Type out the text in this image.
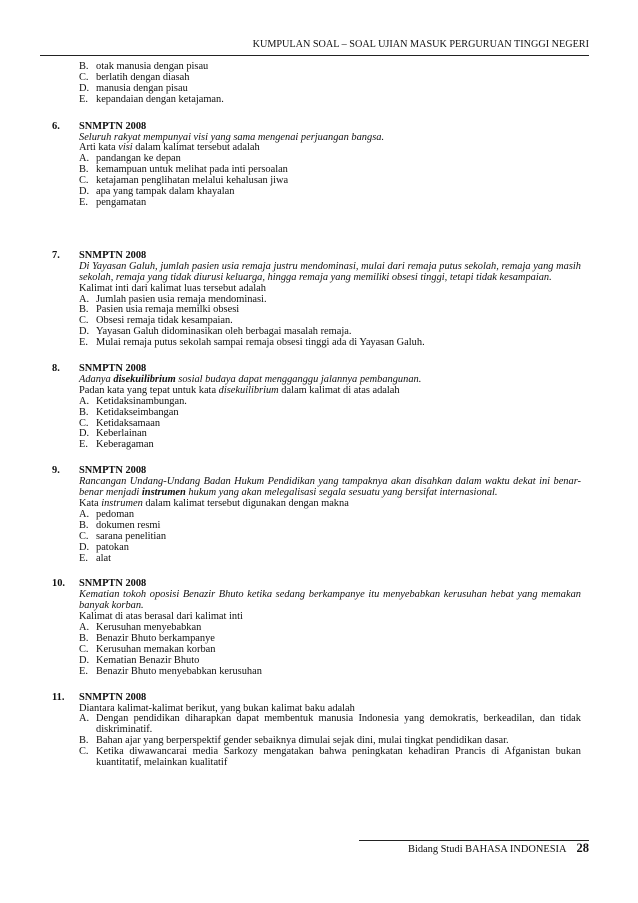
KUMPULAN SOAL – SOAL UJIAN MASUK PERGURUAN TINGGI NEGERI
B. otak manusia dengan pisau
C. berlatih dengan diasah
D. manusia dengan pisau
E. kepandaian dengan ketajaman.
6. SNMPTN 2008
Seluruh rakyat mempunyai visi yang sama mengenai perjuangan bangsa.
Arti kata visi dalam kalimat tersebut adalah
A. pandangan ke depan
B. kemampuan untuk melihat pada inti persoalan
C. ketajaman penglihatan melalui kehalusan jiwa
D. apa yang tampak dalam khayalan
E. pengamatan
7. SNMPTN 2008
Di Yayasan Galuh, jumlah pasien usia remaja justru mendominasi, mulai dari remaja putus sekolah, remaja yang masih sekolah, remaja yang tidak diurusi keluarga, hingga remaja yang memiliki obsesi tinggi, tetapi tidak kesampaian.
Kalimat inti dari kalimat luas tersebut adalah
A. Jumlah pasien usia remaja mendominasi.
B. Pasien usia remaja memilki obsesi
C. Obsesi remaja tidak kesampaian.
D. Yayasan Galuh didominasikan oleh berbagai masalah remaja.
E. Mulai remaja putus sekolah sampai remaja obsesi tinggi ada di Yayasan Galuh.
8. SNMPTN 2008
Adanya disekuilibrium sosial budaya dapat mengganggu jalannya pembangunan.
Padan kata yang tepat untuk kata disekuilibrium dalam kalimat di atas adalah
A. Ketidaksinambungan.
B. Ketidakseimbangan
C. Ketidaksamaan
D. Keberlainan
E. Keberagaman
9. SNMPTN 2008
Rancangan Undang-Undang Badan Hukum Pendidikan yang tampaknya akan disahkan dalam waktu dekat ini benar-benar menjadi instrumen hukum yang akan melegalisasi segala sesuatu yang bersifat internasional.
Kata instrumen dalam kalimat tersebut digunakan dengan makna
A. pedoman
B. dokumen resmi
C. sarana penelitian
D. patokan
E. alat
10. SNMPTN 2008
Kematian tokoh oposisi Benazir Bhuto ketika sedang berkampanye itu menyebabkan kerusuhan hebat yang memakan banyak korban.
Kalimat di atas berasal dari kalimat inti
A. Kerusuhan menyebabkan
B. Benazir Bhuto berkampanye
C. Kerusuhan memakan korban
D. Kematian Benazir Bhuto
E. Benazir Bhuto menyebabkan kerusuhan
11. SNMPTN 2008
Diantara kalimat-kalimat berikut, yang bukan kalimat baku adalah
A. Dengan pendidikan diharapkan dapat membentuk manusia Indonesia yang demokratis, berkeadilan, dan tidak diskriminatif.
B. Bahan ajar yang berperspektif gender sebaiknya dimulai sejak dini, mulai tingkat pendidikan dasar.
C. Ketika diwawancarai media Sarkozy mengatakan bahwa peningkatan kehadiran Prancis di Afganistan bukan kuantitatif, melainkan kualitatif
Bidang Studi BAHASA INDONESIA 28
